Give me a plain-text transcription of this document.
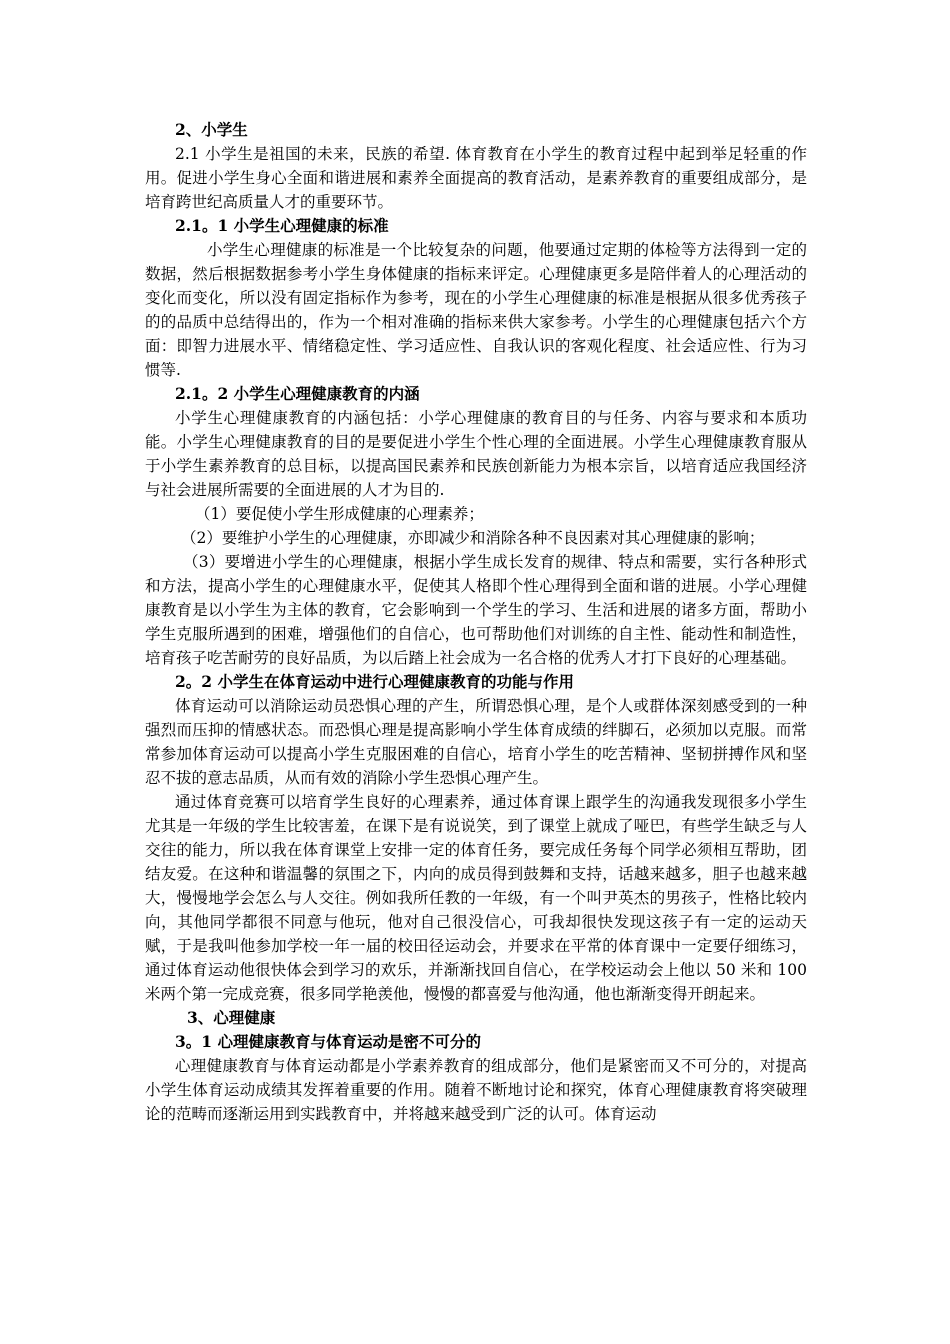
2、小学生
2.1 小学生是祖国的未来，民族的希望. 体育教育在小学生的教育过程中起到举足轻重的作用。促进小学生身心全面和谐进展和素养全面提高的教育活动，是素养教育的重要组成部分，是培育跨世纪高质量人才的重要环节。
2.1。1 小学生心理健康的标准
小学生心理健康的标准是一个比较复杂的问题，他要通过定期的体检等方法得到一定的数据，然后根据数据参考小学生身体健康的指标来评定。心理健康更多是陪伴着人的心理活动的变化而变化，所以没有固定指标作为参考，现在的小学生心理健康的标准是根据从很多优秀孩子的的品质中总结得出的，作为一个相对准确的指标来供大家参考。小学生的心理健康包括六个方面：即智力进展水平、情绪稳定性、学习适应性、自我认识的客观化程度、社会适应性、行为习惯等.
2.1。2 小学生心理健康教育的内涵
小学生心理健康教育的内涵包括：小学心理健康的教育目的与任务、内容与要求和本质功能。小学生心理健康教育的目的是要促进小学生个性心理的全面进展。小学生心理健康教育服从于小学生素养教育的总目标，以提高国民素养和民族创新能力为根本宗旨，以培育适应我国经济与社会进展所需要的全面进展的人才为目的.
（1）要促使小学生形成健康的心理素养；
（2）要维护小学生的心理健康，亦即减少和消除各种不良因素对其心理健康的影响；
（3）要增进小学生的心理健康，根据小学生成长发育的规律、特点和需要，实行各种形式和方法，提高小学生的心理健康水平，促使其人格即个性心理得到全面和谐的进展。小学心理健康教育是以小学生为主体的教育，它会影响到一个学生的学习、生活和进展的诸多方面，帮助小学生克服所遇到的困难，增强他们的自信心，也可帮助他们对训练的自主性、能动性和制造性，培育孩子吃苦耐劳的良好品质，为以后踏上社会成为一名合格的优秀人才打下良好的心理基础。
2。2 小学生在体育运动中进行心理健康教育的功能与作用
体育运动可以消除运动员恐惧心理的产生，所谓恐惧心理，是个人或群体深刻感受到的一种强烈而压抑的情感状态。而恐惧心理是提高影响小学生体育成绩的绊脚石，必须加以克服。而常常参加体育运动可以提高小学生克服困难的自信心，培育小学生的吃苦精神、坚韧拼搏作风和坚忍不拔的意志品质，从而有效的消除小学生恐惧心理产生。
通过体育竞赛可以培育学生良好的心理素养，通过体育课上跟学生的沟通我发现很多小学生尤其是一年级的学生比较害羞，在课下是有说说笑，到了课堂上就成了哑巴，有些学生缺乏与人交往的能力，所以我在体育课堂上安排一定的体育任务，要完成任务每个同学必须相互帮助，团结友爱。在这种和谐温馨的氛围之下，内向的成员得到鼓舞和支持，话越来越多，胆子也越来越大，慢慢地学会怎么与人交往。例如我所任教的一年级，有一个叫尹英杰的男孩子，性格比较内向，其他同学都很不同意与他玩，他对自己很没信心，可我却很快发现这孩子有一定的运动天赋，于是我叫他参加学校一年一届的校田径运动会，并要求在平常的体育课中一定要仔细练习，通过体育运动他很快体会到学习的欢乐，并渐渐找回自信心，在学校运动会上他以 50 米和 100 米两个第一完成竞赛，很多同学艳羡他，慢慢的都喜爱与他沟通，他也渐渐变得开朗起来。
3、心理健康
3。1 心理健康教育与体育运动是密不可分的
心理健康教育与体育运动都是小学素养教育的组成部分，他们是紧密而又不可分的，对提高小学生体育运动成绩其发挥着重要的作用。随着不断地讨论和探究，体育心理健康教育将突破理论的范畴而逐渐运用到实践教育中，并将越来越受到广泛的认可。体育运动
